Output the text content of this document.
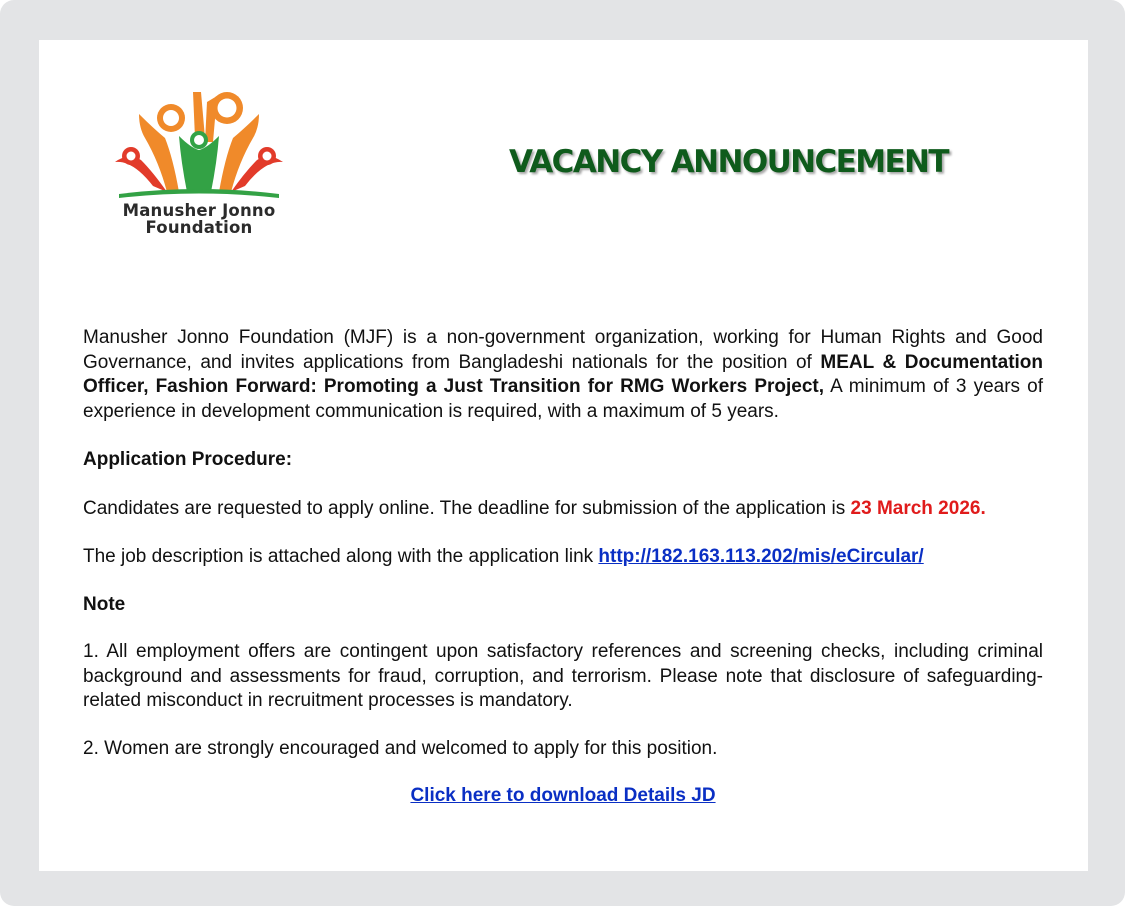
Manusher Jonno
Foundation
VACANCY ANNOUNCEMENT

Manusher Jonno Foundation (MJF) is a non-government organization, working for Human Rights and Good Governance, and invites applications from Bangladeshi nationals for the position of MEAL & Documentation Officer, Fashion Forward: Promoting a Just Transition for RMG Workers Project, A minimum of 3 years of experience in development communication is required, with a maximum of 5 years.

Application Procedure:

Candidates are requested to apply online. The deadline for submission of the application is 23 March 2026.

The job description is attached along with the application link http://182.163.113.202/mis/eCircular/

Note

1. All employment offers are contingent upon satisfactory references and screening checks, including criminal background and assessments for fraud, corruption, and terrorism. Please note that disclosure of safeguarding-related misconduct in recruitment processes is mandatory.

2. Women are strongly encouraged and welcomed to apply for this position.

Click here to download Details JD
